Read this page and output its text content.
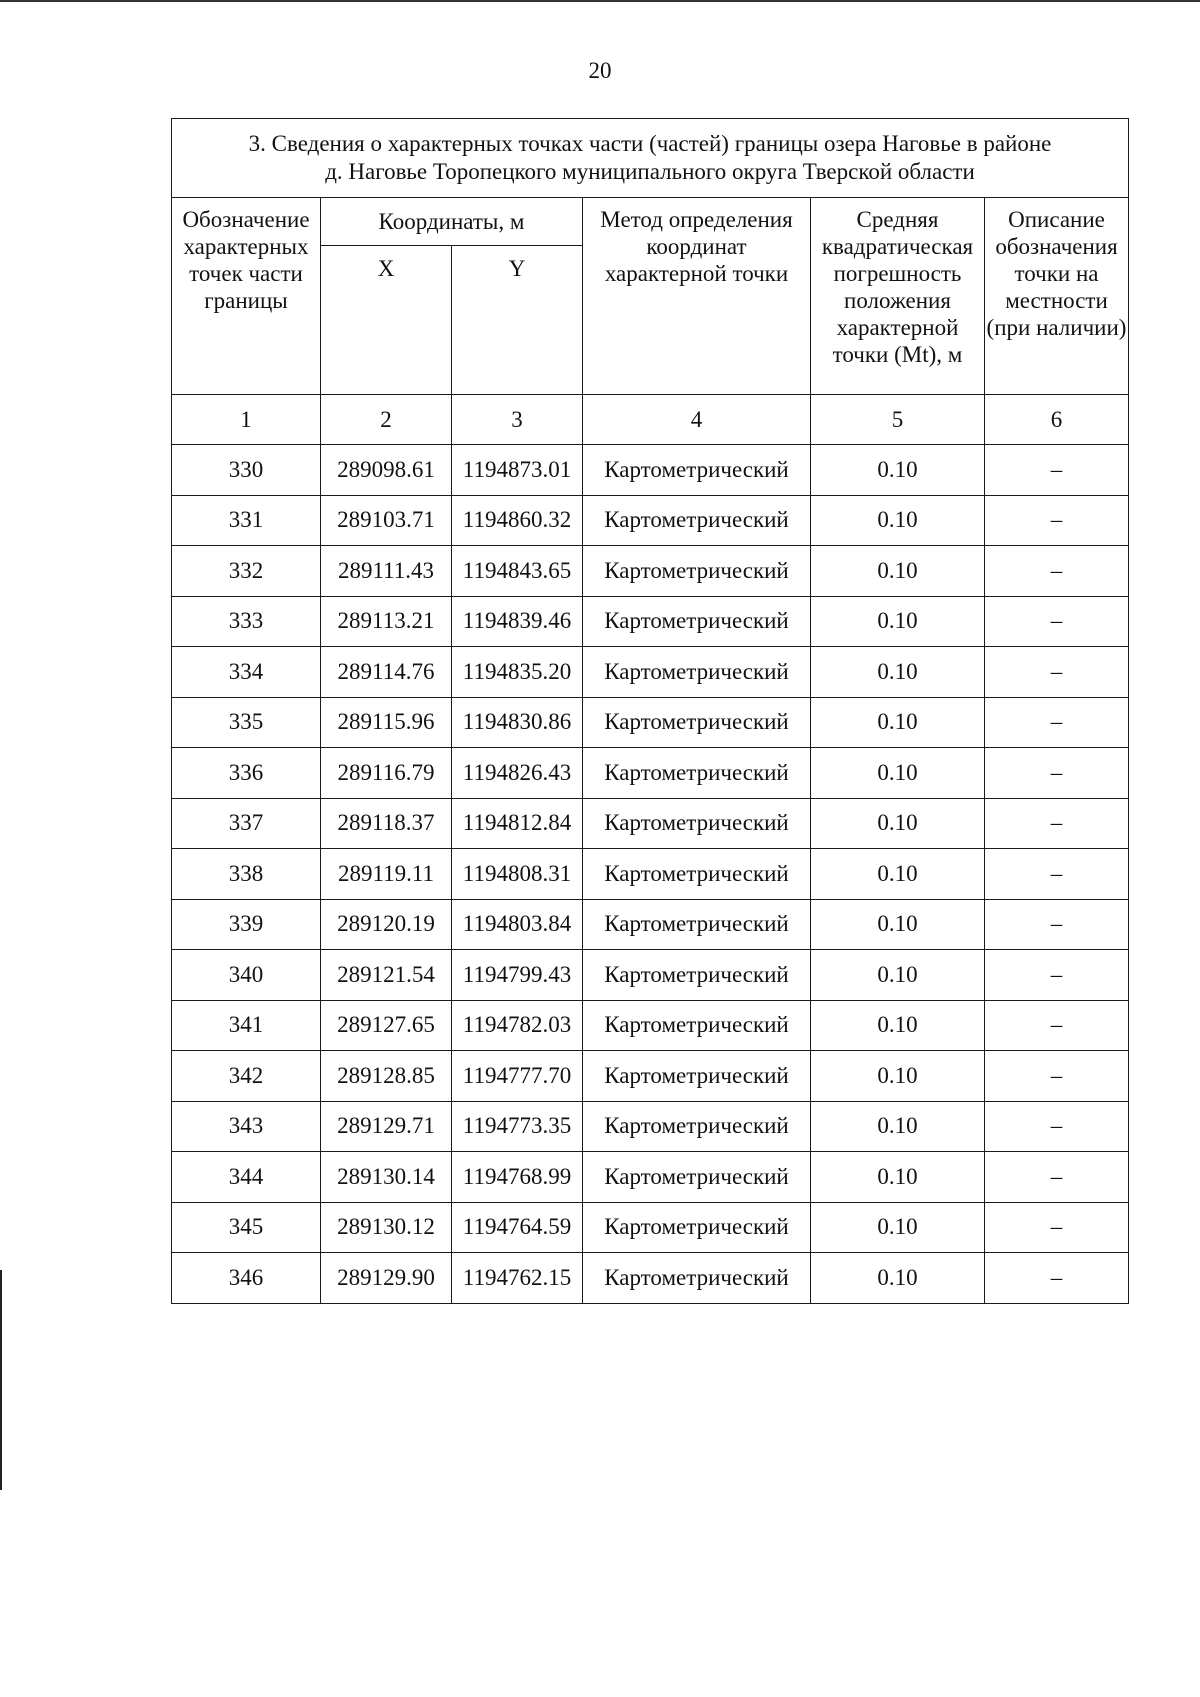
20
3. Сведения о характерных точках части (частей) границы озера Наговье в районе
д. Наговье Торопецкого муниципального округа Тверской области					

Обозначение характерных точек части границы	Координаты, м		Метод определения координат характерной точки	Средняя квадратическая погрешность положения характерной точки (Mt), м	Описание обозначения точки на местности (при наличии)
	X	Y			
1	2	3	4	5	6
330	289098.61	1194873.01	Картометрический	0.10	–
331	289103.71	1194860.32	Картометрический	0.10	–
332	289111.43	1194843.65	Картометрический	0.10	–
333	289113.21	1194839.46	Картометрический	0.10	–
334	289114.76	1194835.20	Картометрический	0.10	–
335	289115.96	1194830.86	Картометрический	0.10	–
336	289116.79	1194826.43	Картометрический	0.10	–
337	289118.37	1194812.84	Картометрический	0.10	–
338	289119.11	1194808.31	Картометрический	0.10	–
339	289120.19	1194803.84	Картометрический	0.10	–
340	289121.54	1194799.43	Картометрический	0.10	–
341	289127.65	1194782.03	Картометрический	0.10	–
342	289128.85	1194777.70	Картометрический	0.10	–
343	289129.71	1194773.35	Картометрический	0.10	–
344	289130.14	1194768.99	Картометрический	0.10	–
345	289130.12	1194764.59	Картометрический	0.10	–
346	289129.90	1194762.15	Картометрический	0.10	–
